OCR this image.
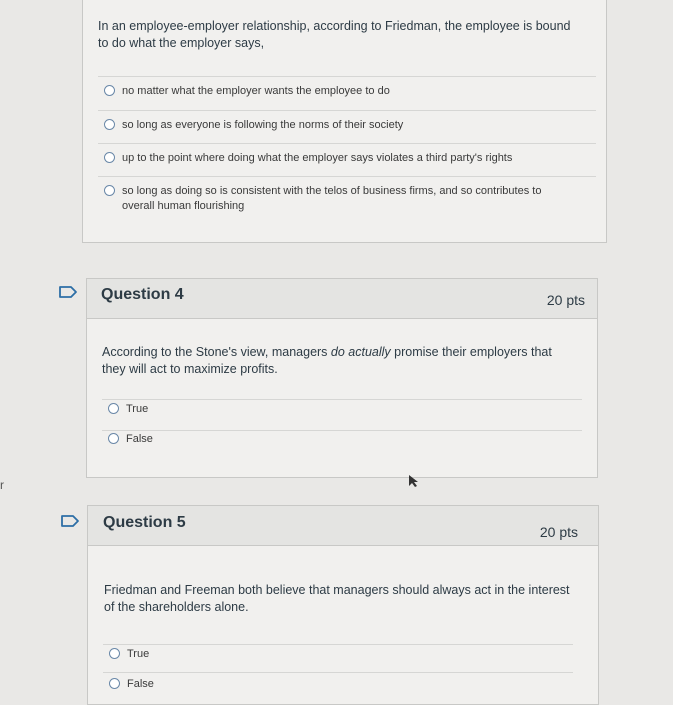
In an employee-employer relationship, according to Friedman, the employee is bound to do what the employer says,
no matter what the employer wants the employee to do
so long as everyone is following the norms of their society
up to the point where doing what the employer says violates a third party's rights
so long as doing so is consistent with the telos of business firms, and so contributes to overall human flourishing
Question 4	20 pts
According to the Stone's view, managers do actually promise their employers that they will act to maximize profits.
True
False
r
Question 5
20 pts
Friedman and Freeman both believe that managers should always act in the interest of the shareholders alone.
True
False
